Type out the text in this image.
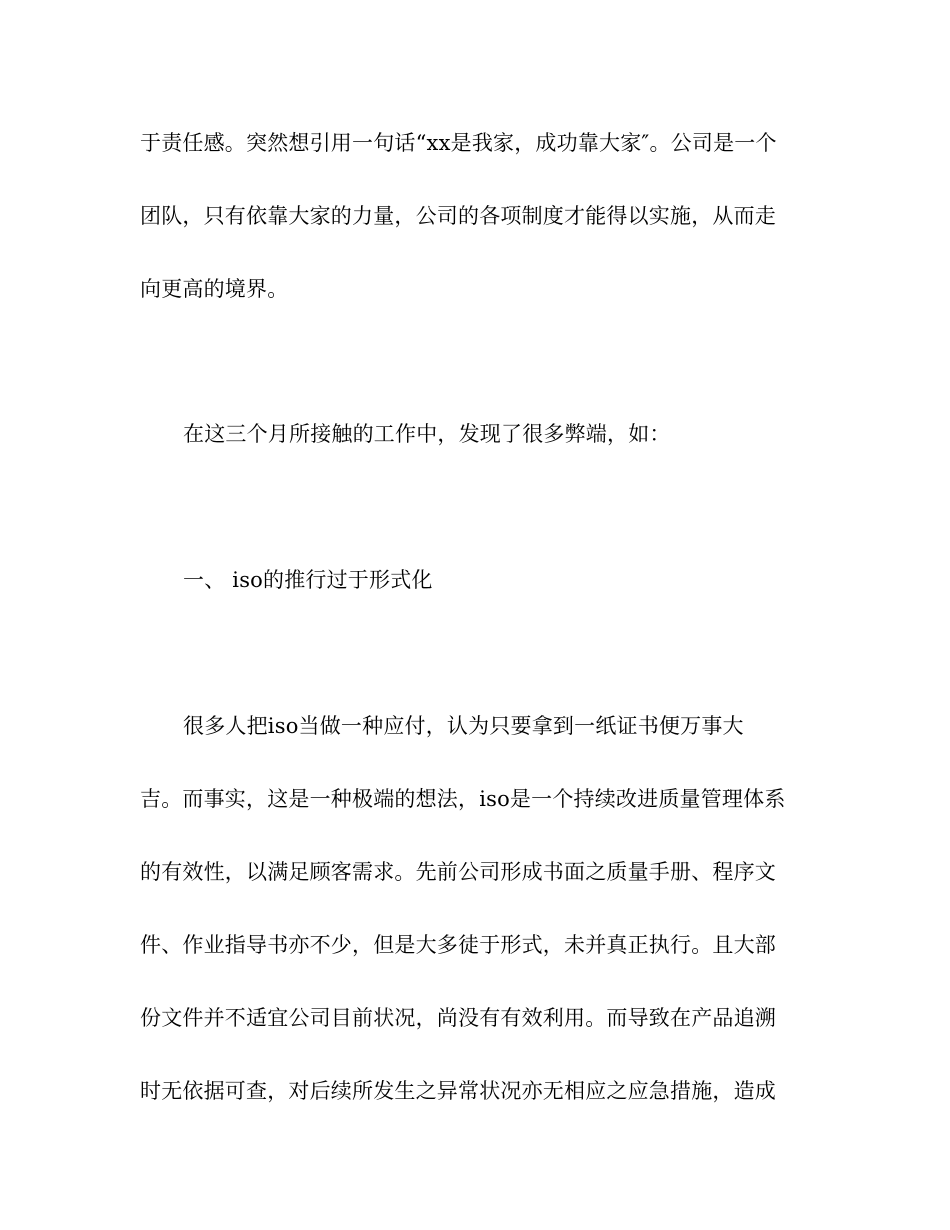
于责任感。突然想引用一句话“xx是我家，成功靠大家″。公司是一个
团队，只有依靠大家的力量，公司的各项制度才能得以实施，从而走
向更高的境界。
在这三个月所接触的工作中，发现了很多弊端，如：
一、 iso的推行过于形式化
很多人把iso当做一种应付，认为只要拿到一纸证书便万事大
吉。而事实，这是一种极端的想法，iso是一个持续改进质量管理体系
的有效性，以满足顾客需求。先前公司形成书面之质量手册、程序文
件、作业指导书亦不少，但是大多徒于形式，未并真正执行。且大部
份文件并不适宜公司目前状况，尚没有有效利用。而导致在产品追溯
时无依据可查，对后续所发生之异常状况亦无相应之应急措施，造成
